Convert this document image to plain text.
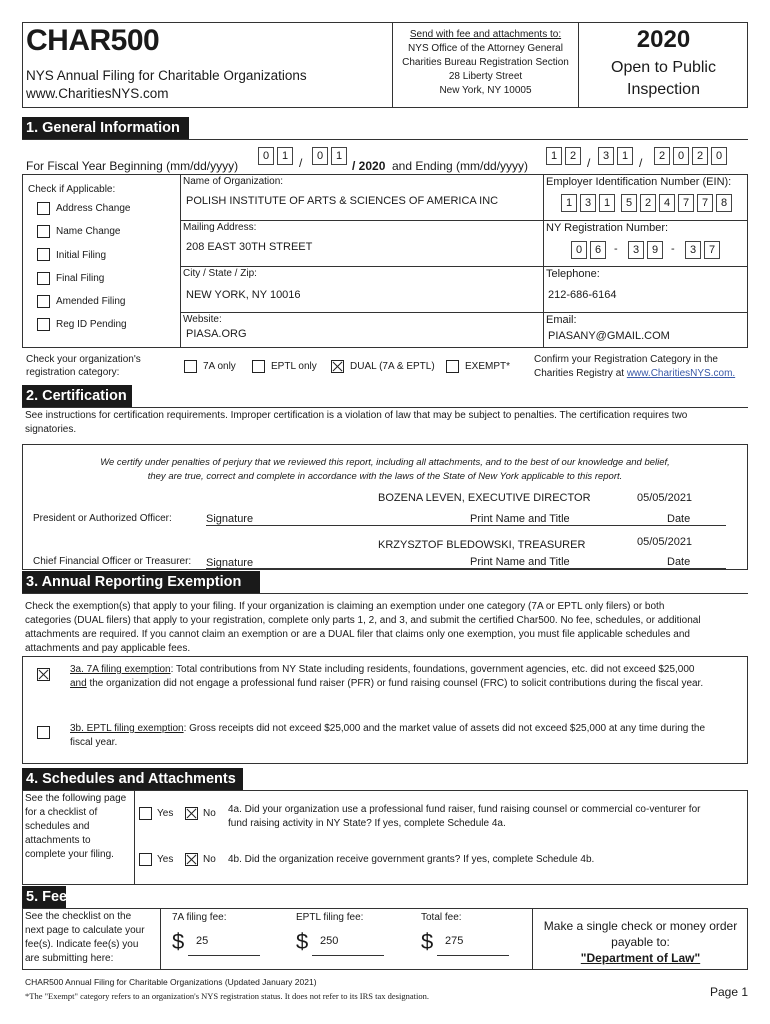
CHAR500
NYS Annual Filing for Charitable Organizations
www.CharitiesNYS.com
Send with fee and attachments to:
NYS Office of the Attorney General
Charities Bureau Registration Section
28 Liberty Street
New York, NY 10005
2020
Open to Public
Inspection
1. General Information
For Fiscal Year Beginning (mm/dd/yyyy)
0	1 /	0	1
/ 2020 and Ending (mm/dd/yyyy)
1	2 /	3	1 /	2	0	2	0
Check if Applicable:
Address Change
Name Change
Initial Filing
Final Filing
Amended Filing
Reg ID Pending
Name of Organization:
POLISH INSTITUTE OF ARTS & SCIENCES OF AMERICA INC
Mailing Address:
208 EAST 30TH STREET
City / State / Zip:
NEW YORK, NY 10016
Website:
PIASA.ORG
Employer Identification Number (EIN):
1	3	1	5	2	4	7	7	8
NY Registration Number:
0	6	-	3	9	-	3	7
Telephone:
212-686-6164
Email:
PIASANY@GMAIL.COM
Check your organization's
registration category:
7A only	EPTL only	DUAL (7A & EPTL)	EXEMPT*
Confirm your Registration Category in the
Charities Registry at www.CharitiesNYS.com.
2. Certification
See instructions for certification requirements. Improper certification is a violation of law that may be subject to penalties. The certification requires two
signatories.
We certify under penalties of perjury that we reviewed this report, including all attachments, and to the best of our knowledge and belief,
they are true, correct and complete in accordance with the laws of the State of New York applicable to this report.
President or Authorized Officer:	Signature
BOZENA LEVEN, EXECUTIVE DIRECTOR
Print Name and Title
05/05/2021
Date
Chief Financial Officer or Treasurer: Signature
KRZYSZTOF BLEDOWSKI, TREASURER
Print Name and Title
05/05/2021
Date
3. Annual Reporting Exemption
Check the exemption(s) that apply to your filing. If your organization is claiming an exemption under one category (7A or EPTL only filers) or both
categories (DUAL filers) that apply to your registration, complete only parts 1, 2, and 3, and submit the certified Char500. No fee, schedules, or additional
attachments are required. If you cannot claim an exemption or are a DUAL filer that claims only one exemption, you must file applicable schedules and
attachments and pay applicable fees.
3a. 7A filing exemption: Total contributions from NY State including residents, foundations, government agencies, etc. did not exceed $25,000
and the organization did not engage a professional fund raiser (PFR) or fund raising counsel (FRC) to solicit contributions during the fiscal year.
3b. EPTL filing exemption: Gross receipts did not exceed $25,000 and the market value of assets did not exceed $25,000 at any time during the
fiscal year.
4. Schedules and Attachments
See the following page
for a checklist of
schedules and
attachments to
complete your filing.
Yes	No 4a. Did your organization use a professional fund raiser, fund raising counsel or commercial co-venturer for
fund raising activity in NY State? If yes, complete Schedule 4a.
Yes	No 4b. Did the organization receive government grants? If yes, complete Schedule 4b.
5. Fee
See the checklist on the
next page to calculate your
fee(s). Indicate fee(s) you
are submitting here:
7A filing fee:
$ 25
EPTL filing fee:
$ 250
Total fee:
$ 275
Make a single check or money order
payable to:
"Department of Law"
CHAR500 Annual Filing for Charitable Organizations (Updated January 2021)
*The "Exempt" category refers to an organization's NYS registration status. It does not refer to its IRS tax designation.	Page 1
